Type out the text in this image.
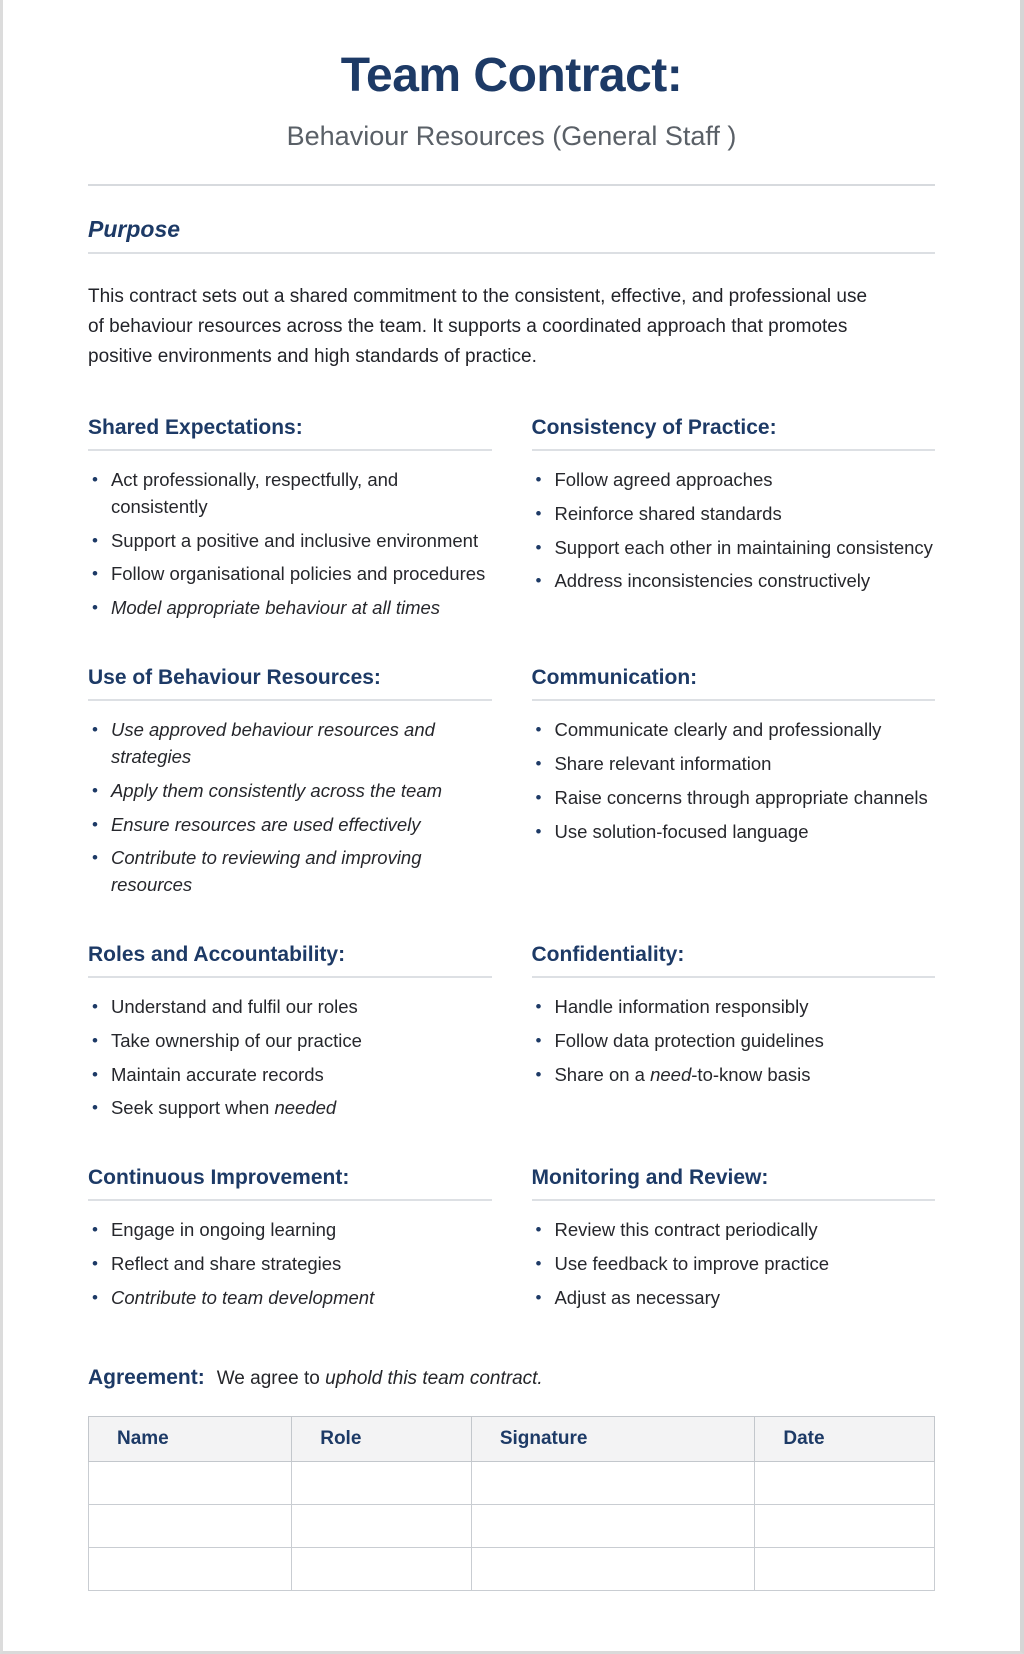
Team Contract:
Behaviour Resources (General Staff )
Purpose

This contract sets out a shared commitment to the consistent, effective, and professional use of behaviour resources across the team. It supports a coordinated approach that promotes positive environments and high standards of practice.

Shared Expectations:
• Act professionally, respectfully, and consistently
• Support a positive and inclusive environment
• Follow organisational policies and procedures
• Model appropriate behaviour at all times
Consistency of Practice:
• Follow agreed approaches
• Reinforce shared standards
• Support each other in maintaining consistency
• Address inconsistencies constructively
Use of Behaviour Resources:
• Use approved behaviour resources and strategies
• Apply them consistently across the team
• Ensure resources are used effectively
• Contribute to reviewing and improving resources
Communication:
• Communicate clearly and professionally
• Share relevant information
• Raise concerns through appropriate channels
• Use solution-focused language
Roles and Accountability:
• Understand and fulfil our roles
• Take ownership of our practice
• Maintain accurate records
• Seek support when needed
Confidentiality:
• Handle information responsibly
• Follow data protection guidelines
• Share on a need-to-know basis
Continuous Improvement:
• Engage in ongoing learning
• Reflect and share strategies
• Contribute to team development
Monitoring and Review:
• Review this contract periodically
• Use feedback to improve practice
• Adjust as necessary
Agreement: We agree to uphold this team contract.
Name	Role	Signature	Date
